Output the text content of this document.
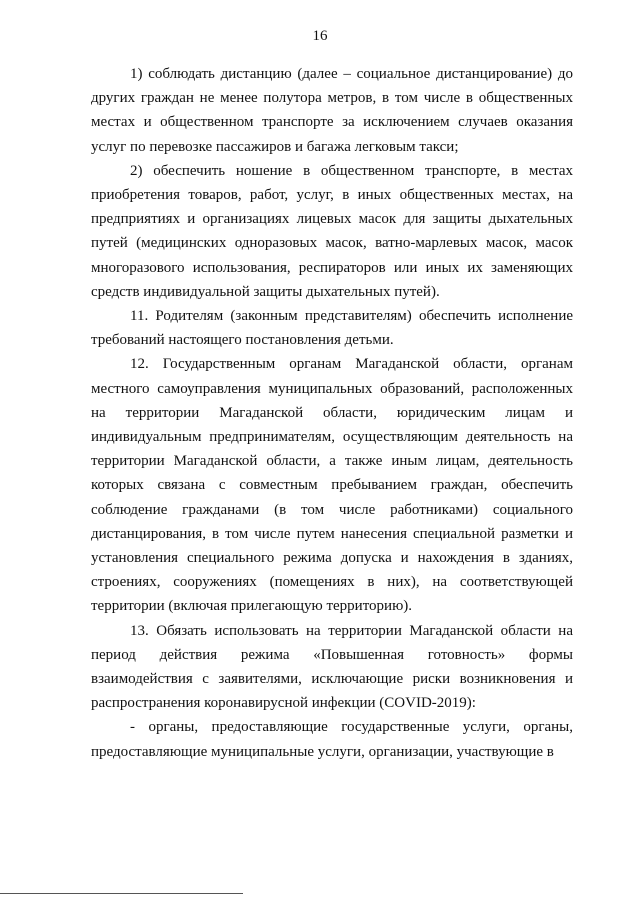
16

1) соблюдать дистанцию (далее – социальное дистанцирование) до других граждан не менее полутора метров, в том числе в общественных местах и общественном транспорте за исключением случаев оказания услуг по перевозке пассажиров и багажа легковым такси;

2) обеспечить ношение в общественном транспорте, в местах приобретения товаров, работ, услуг, в иных общественных местах, на предприятиях и организациях лицевых масок для защиты дыхательных путей (медицинских одноразовых масок, ватно-марлевых масок, масок многоразового использования, респираторов или иных их заменяющих средств индивидуальной защиты дыхательных путей).

11. Родителям (законным представителям) обеспечить исполнение требований настоящего постановления детьми.

12. Государственным органам Магаданской области, органам местного самоуправления муниципальных образований, расположенных на территории Магаданской области, юридическим лицам и индивидуальным предпринимателям, осуществляющим деятельность на территории Магаданской области, а также иным лицам, деятельность которых связана с совместным пребыванием граждан, обеспечить соблюдение гражданами (в том числе работниками) социального дистанцирования, в том числе путем нанесения специальной разметки и установления специального режима допуска и нахождения в зданиях, строениях, сооружениях (помещениях в них), на соответствующей территории (включая прилегающую территорию).

13. Обязать использовать на территории Магаданской области на период действия режима «Повышенная готовность» формы взаимодействия с заявителями, исключающие риски возникновения и распространения коронавирусной инфекции (COVID-2019):

- органы, предоставляющие государственные услуги, органы, предоставляющие муниципальные услуги, организации, участвующие в
